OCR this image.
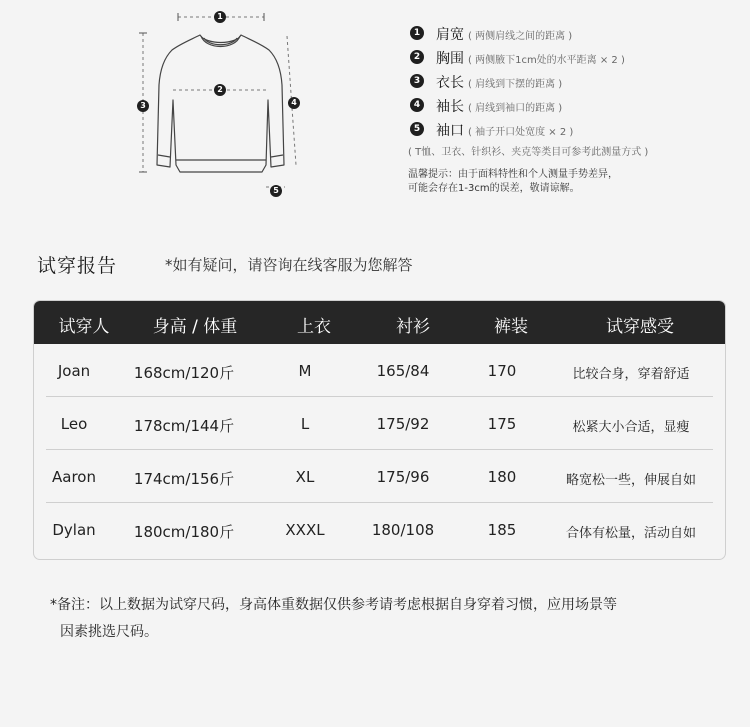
1
2
3	4
5
1 肩宽 ( 两侧肩线之间的距离 )
2 胸围 ( 两侧腋下1cm处的水平距离 × 2 )
3 衣长 ( 肩线到下摆的距离 )
4 袖长 ( 肩线到袖口的距离 )
5 袖口 ( 袖子开口处宽度 × 2 )
( T恤、卫衣、针织衫、夹克等类目可参考此测量方式 )
温馨提示：由于面料特性和个人测量手势差异，
可能会存在1-3cm的误差，敬请谅解。
试穿报告	*如有疑问，请咨询在线客服为您解答
试穿人	身高 / 体重	上衣	衬衫	裤装	试穿感受
Joan	168cm/120斤	M	165/84	170	比较合身，穿着舒适
Leo	178cm/144斤	L	175/92	175	松紧大小合适，显瘦
Aaron	174cm/156斤	XL	175/96	180	略宽松一些，伸展自如
Dylan	180cm/180斤	XXXL	180/108	185	合体有松量，活动自如
*备注：以上数据为试穿尺码，身高体重数据仅供参考请考虑根据自身穿着习惯，应用场景等
因素挑选尺码。
